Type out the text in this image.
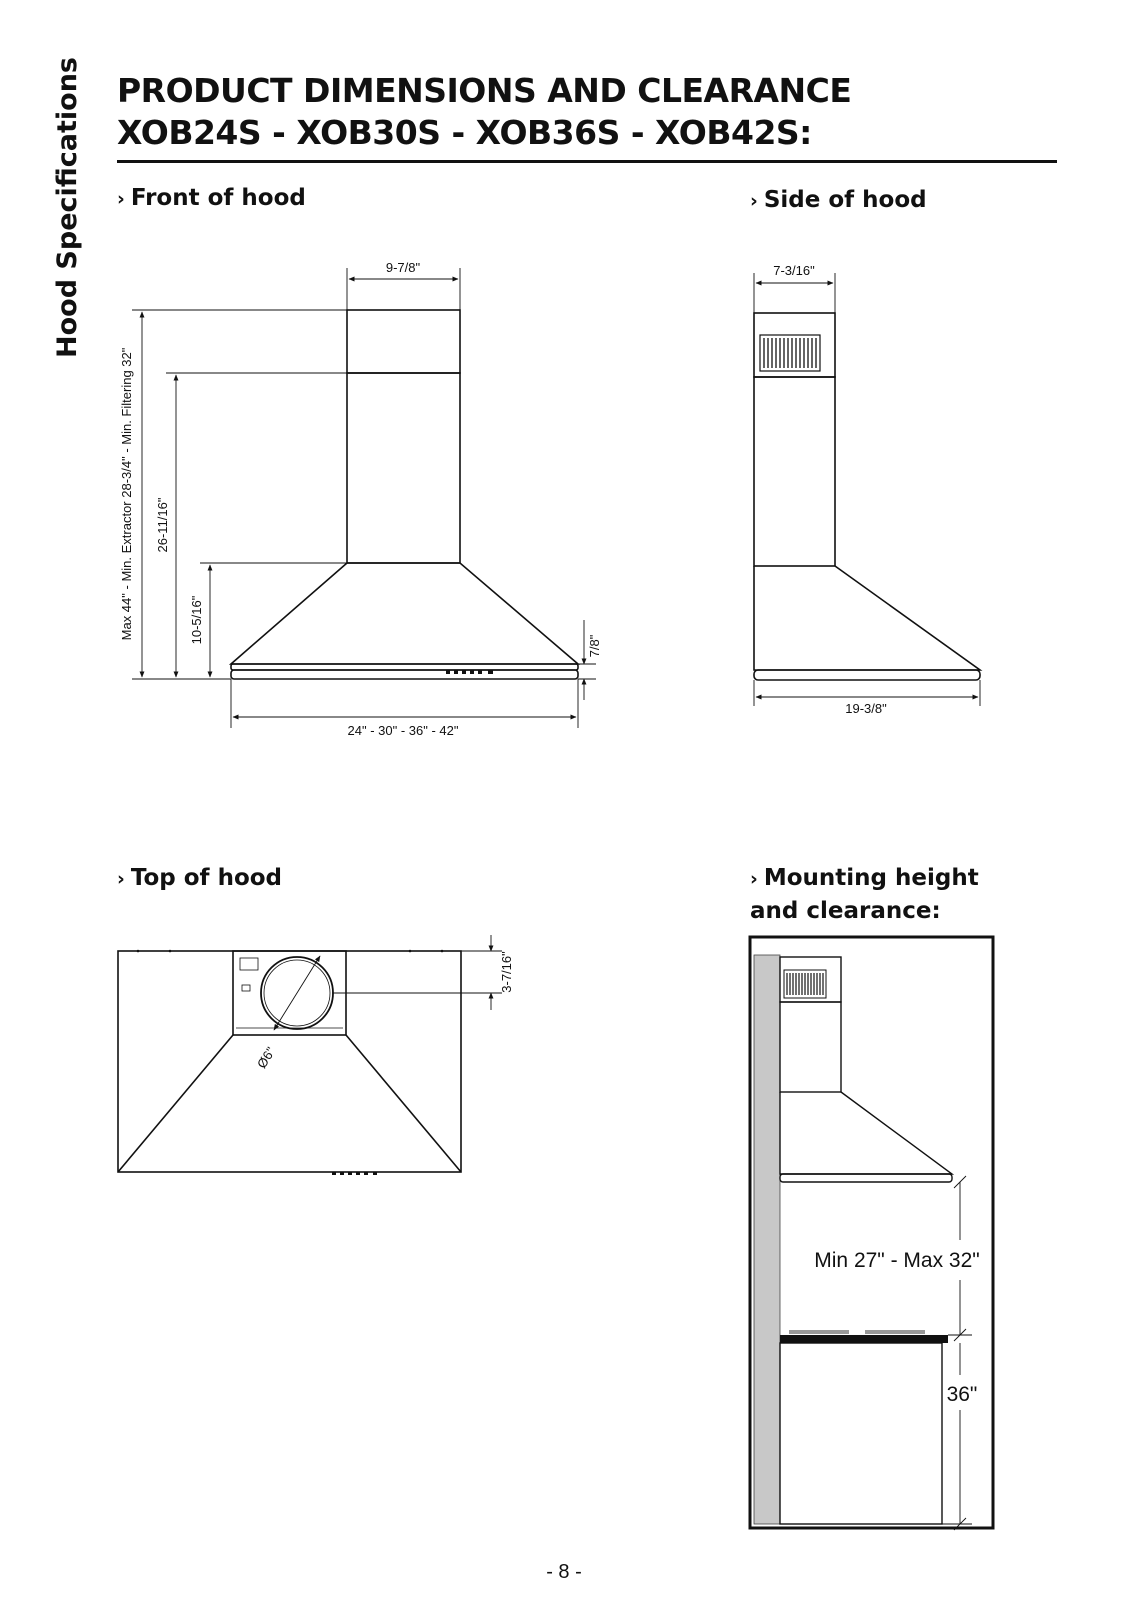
Hood Specifications PRODUCT DIMENSIONS AND CLEARANCE
XOB24S - XOB30S - XOB36S - XOB42S:
› Front of hood	› Side of hood
› Top of hood	› Mounting height
and clearance:
9-7/8"
Max 44" - Min. Extractor 28-3/4" - Min. Filtering 32" 26-11/16"
10-5/16"
7/8"
24" - 30" - 36" - 42"
7-3/16"
19-3/8"
3-7/16"
Ø6"
Min 27" - Max 32"
36"
- 8 -
